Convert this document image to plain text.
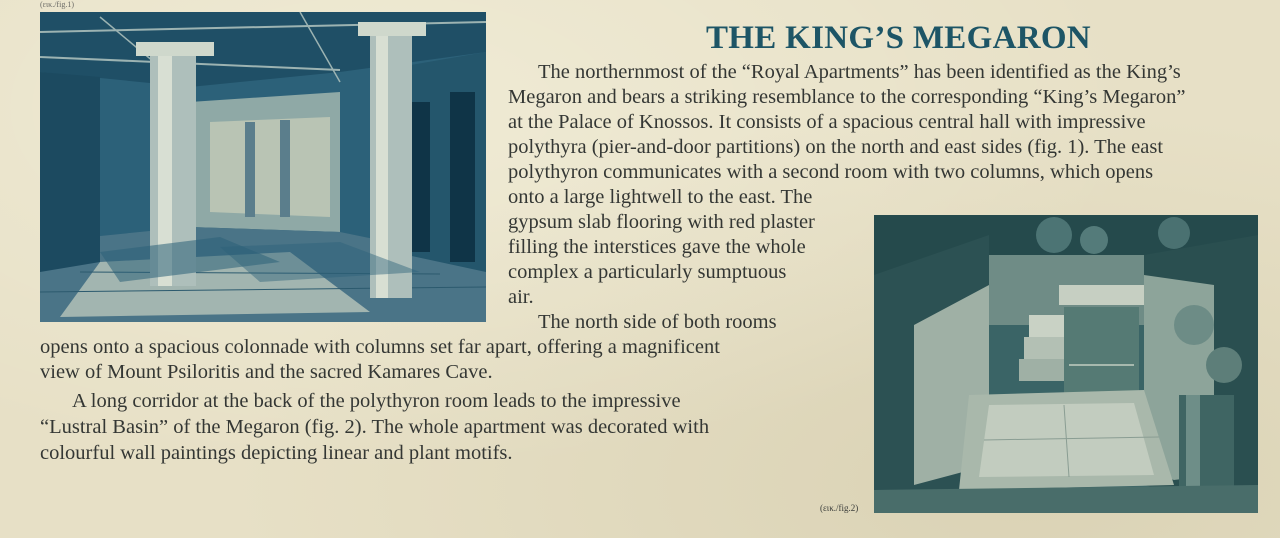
(εικ./fig.1)
THE KING’S MEGARON
The northernmost of the “Royal Apartments” has been identified as the King’s
Megaron and bears a striking resemblance to the corresponding “King’s Megaron”
at the Palace of Knossos. It consists of a spacious central hall with impressive
polythyra (pier-and-door partitions) on the north and east sides (fig. 1). The east
polythyron communicates with a second room with two columns, which opens
onto a large lightwell to the east. The
gypsum slab flooring with red plaster
filling the interstices gave the whole
complex a particularly sumptuous
air.
The north side of both rooms
opens onto a spacious colonnade with columns set far apart, offering a magnificent
view of Mount Psiloritis and the sacred Kamares Cave.
A long corridor at the back of the polythyron room leads to the impressive
“Lustral Basin” of the Megaron (fig. 2). The whole apartment was decorated with
colourful wall paintings depicting linear and plant motifs.
(εικ./fig.2)
